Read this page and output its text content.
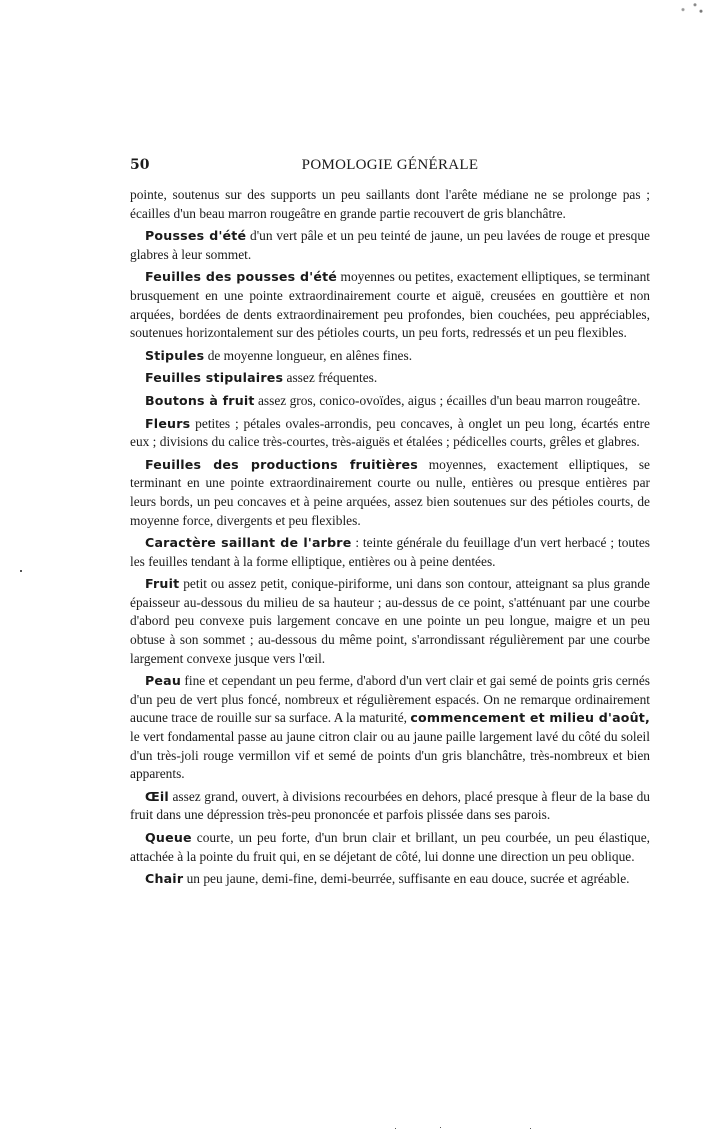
50	POMOLOGIE GÉNÉRALE

pointe, soutenus sur des supports un peu saillants dont l'arête médiane ne se prolonge pas ; écailles d'un beau marron rougeâtre en grande partie recouvert de gris blanchâtre.

Pousses d'été d'un vert pâle et un peu teinté de jaune, un peu lavées de rouge et presque glabres à leur sommet.

Feuilles des pousses d'été moyennes ou petites, exactement elliptiques, se terminant brusquement en une pointe extraordinairement courte et aiguë, creusées en gouttière et non arquées, bordées de dents extraordinairement peu profondes, bien couchées, peu appréciables, soutenues horizontalement sur des pétioles courts, un peu forts, redressés et un peu flexibles.

Stipules de moyenne longueur, en alênes fines.

Feuilles stipulaires assez fréquentes.

Boutons à fruit assez gros, conico-ovoïdes, aigus ; écailles d'un beau marron rougeâtre.

Fleurs petites ; pétales ovales-arrondis, peu concaves, à onglet un peu long, écartés entre eux ; divisions du calice très-courtes, très-aiguës et étalées ; pédicelles courts, grêles et glabres.

Feuilles des productions fruitières moyennes, exactement elliptiques, se terminant en une pointe extraordinairement courte ou nulle, entières ou presque entières par leurs bords, un peu concaves et à peine arquées, assez bien soutenues sur des pétioles courts, de moyenne force, divergents et peu flexibles.

Caractère saillant de l'arbre : teinte générale du feuillage d'un vert herbacé ; toutes les feuilles tendant à la forme elliptique, entières ou à peine dentées.

Fruit petit ou assez petit, conique-piriforme, uni dans son contour, atteignant sa plus grande épaisseur au-dessous du milieu de sa hauteur ; au-dessus de ce point, s'atténuant par une courbe d'abord peu convexe puis largement concave en une pointe un peu longue, maigre et un peu obtuse à son sommet ; au-dessous du même point, s'arrondissant régulièrement par une courbe largement convexe jusque vers l'œil.

Peau fine et cependant un peu ferme, d'abord d'un vert clair et gai semé de points gris cernés d'un peu de vert plus foncé, nombreux et régulièrement espacés. On ne remarque ordinairement aucune trace de rouille sur sa surface. A la maturité, commencement et milieu d'août, le vert fondamental passe au jaune citron clair ou au jaune paille largement lavé du côté du soleil d'un très-joli rouge vermillon vif et semé de points d'un gris blanchâtre, très-nombreux et bien apparents.

Œil assez grand, ouvert, à divisions recourbées en dehors, placé presque à fleur de la base du fruit dans une dépression très-peu prononcée et parfois plissée dans ses parois.

Queue courte, un peu forte, d'un brun clair et brillant, un peu courbée, un peu élastique, attachée à la pointe du fruit qui, en se déjetant de côté, lui donne une direction un peu oblique.

Chair un peu jaune, demi-fine, demi-beurrée, suffisante en eau douce, sucrée et agréable.
